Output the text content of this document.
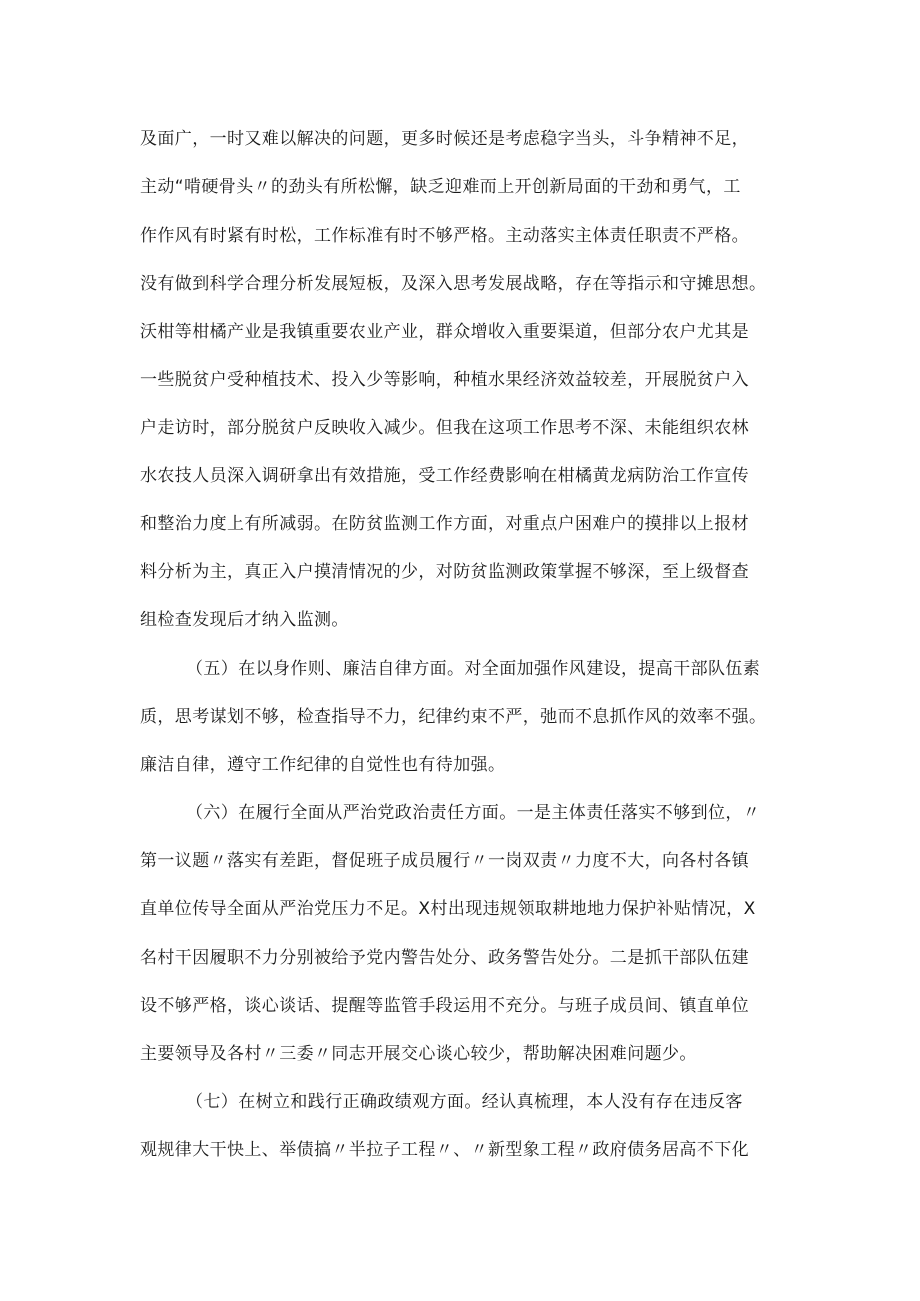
及面广，一时又难以解决的问题，更多时候还是考虑稳字当头，斗争精神不足，
主动“啃硬骨头〃的劲头有所松懈，缺乏迎难而上开创新局面的干劲和勇气，工
作作风有时紧有时松，工作标准有时不够严格。主动落实主体责任职责不严格。
没有做到科学合理分析发展短板，及深入思考发展战略，存在等指示和守摊思想。
沃柑等柑橘产业是我镇重要农业产业，群众增收入重要渠道，但部分农户尤其是
一些脱贫户受种植技术、投入少等影响，种植水果经济效益较差，开展脱贫户入
户走访时，部分脱贫户反映收入减少。但我在这项工作思考不深、未能组织农林
水农技人员深入调研拿出有效措施，受工作经费影响在柑橘黄龙病防治工作宣传
和整治力度上有所减弱。在防贫监测工作方面，对重点户困难户的摸排以上报材
料分析为主，真正入户摸清情况的少，对防贫监测政策掌握不够深，至上级督查
组检查发现后才纳入监测。
（五）在以身作则、廉洁自律方面。对全面加强作风建设，提高干部队伍素
质，思考谋划不够，检查指导不力，纪律约束不严，弛而不息抓作风的效率不强。
廉洁自律，遵守工作纪律的自觉性也有待加强。
（六）在履行全面从严治党政治责任方面。一是主体责任落实不够到位，〃
第一议题〃落实有差距，督促班子成员履行〃一岗双责〃力度不大，向各村各镇
直单位传导全面从严治党压力不足。X村出现违规领取耕地地力保护补贴情况，X
名村干因履职不力分别被给予党内警告处分、政务警告处分。二是抓干部队伍建
设不够严格，谈心谈话、提醒等监管手段运用不充分。与班子成员间、镇直单位
主要领导及各村〃三委〃同志开展交心谈心较少，帮助解决困难问题少。
（七）在树立和践行正确政绩观方面。经认真梳理，本人没有存在违反客
观规律大干快上、举债搞〃半拉子工程〃、〃新型象工程〃政府债务居高不下化
